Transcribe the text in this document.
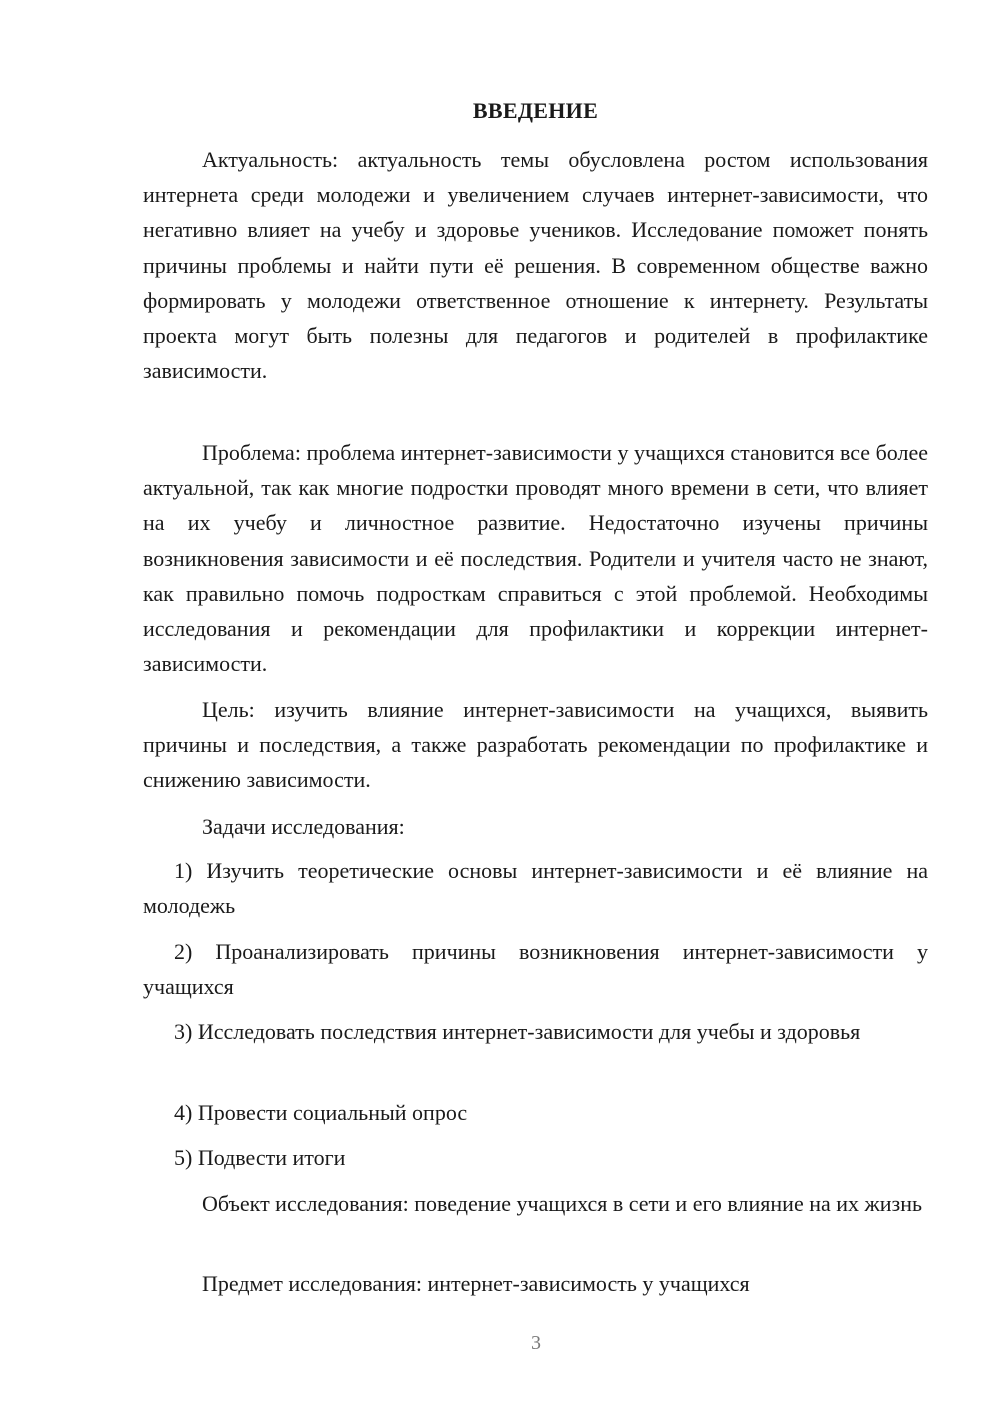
ВВЕДЕНИЕ

Актуальность: актуальность темы обусловлена ростом использования интернета среди молодежи и увеличением случаев интернет-зависимости, что негативно влияет на учебу и здоровье учеников. Исследование поможет понять причины проблемы и найти пути её решения. В современном обществе важно формировать у молодежи ответственное отношение к интернету. Результаты проекта могут быть полезны для педагогов и родителей в профилактике зависимости.

Проблема: проблема интернет-зависимости у учащихся становится все более актуальной, так как многие подростки проводят много времени в сети, что влияет на их учебу и личностное развитие. Недостаточно изучены причины возникновения зависимости и её последствия. Родители и учителя часто не знают, как правильно помочь подросткам справиться с этой проблемой. Необходимы исследования и рекомендации для профилактики и коррекции интернет-зависимости.

Цель: изучить влияние интернет-зависимости на учащихся, выявить причины и последствия, а также разработать рекомендации по профилактике и снижению зависимости.

Задачи исследования:

1) Изучить теоретические основы интернет-зависимости и её влияние на молодежь

2) Проанализировать причины возникновения интернет-зависимости у учащихся

3) Исследовать последствия интернет-зависимости для учебы и здоровья

4) Провести социальный опрос

5) Подвести итоги

Объект исследования: поведение учащихся в сети и его влияние на их жизнь

Предмет исследования: интернет-зависимость у учащихся

3
